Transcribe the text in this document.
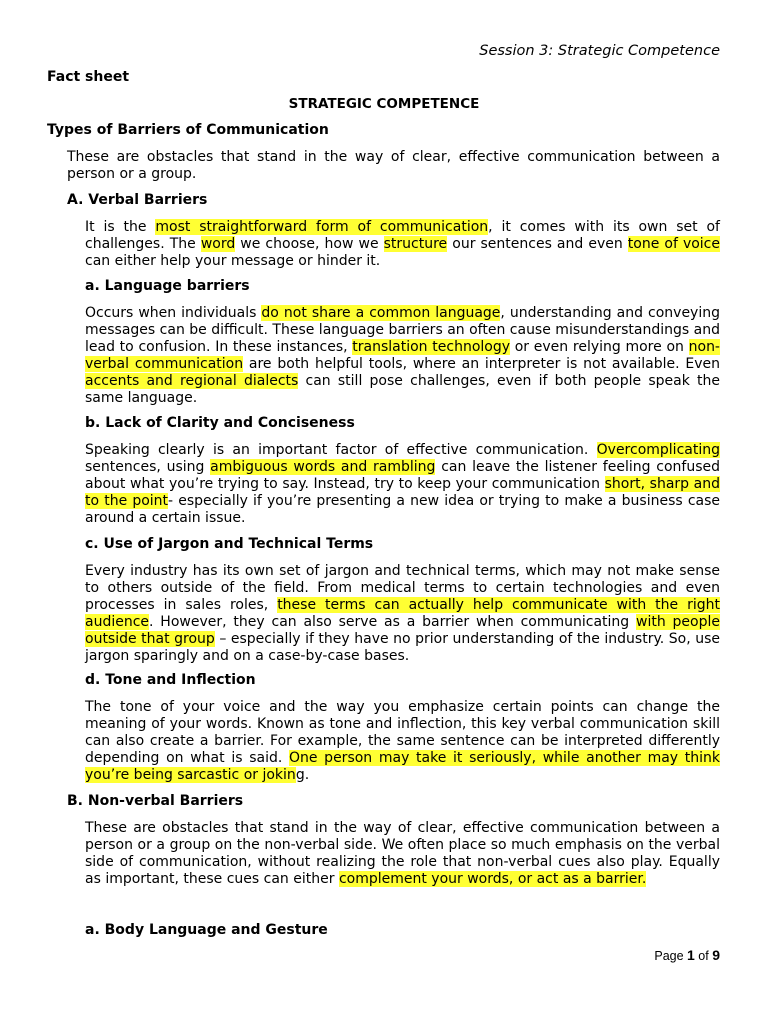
Session 3: Strategic Competence
Fact sheet
STRATEGIC COMPETENCE
Types of Barriers of Communication
These are obstacles that stand in the way of clear, effective communication between a person or a group.
A. Verbal Barriers
It is the most straightforward form of communication, it comes with its own set of challenges. The word we choose, how we structure our sentences and even tone of voice can either help your message or hinder it.
a. Language barriers
Occurs when individuals do not share a common language, understanding and conveying messages can be difficult. These language barriers an often cause misunderstandings and lead to confusion. In these instances, translation technology or even relying more on non-verbal communication are both helpful tools, where an interpreter is not available. Even accents and regional dialects can still pose challenges, even if both people speak the same language.
b. Lack of Clarity and Conciseness
Speaking clearly is an important factor of effective communication. Overcomplicating sentences, using ambiguous words and rambling can leave the listener feeling confused about what you’re trying to say. Instead, try to keep your communication short, sharp and to the point- especially if you’re presenting a new idea or trying to make a business case around a certain issue.
c. Use of Jargon and Technical Terms
Every industry has its own set of jargon and technical terms, which may not make sense to others outside of the field. From medical terms to certain technologies and even processes in sales roles, these terms can actually help communicate with the right audience. However, they can also serve as a barrier when communicating with people outside that group – especially if they have no prior understanding of the industry. So, use jargon sparingly and on a case-by-case bases.
d. Tone and Inflection
The tone of your voice and the way you emphasize certain points can change the meaning of your words. Known as tone and inflection, this key verbal communication skill can also create a barrier. For example, the same sentence can be interpreted differently depending on what is said. One person may take it seriously, while another may think you’re being sarcastic or joking.
B. Non-verbal Barriers
These are obstacles that stand in the way of clear, effective communication between a person or a group on the non-verbal side. We often place so much emphasis on the verbal side of communication, without realizing the role that non-verbal cues also play. Equally as important, these cues can either complement your words, or act as a barrier.
a. Body Language and Gesture
Page 1 of 9
